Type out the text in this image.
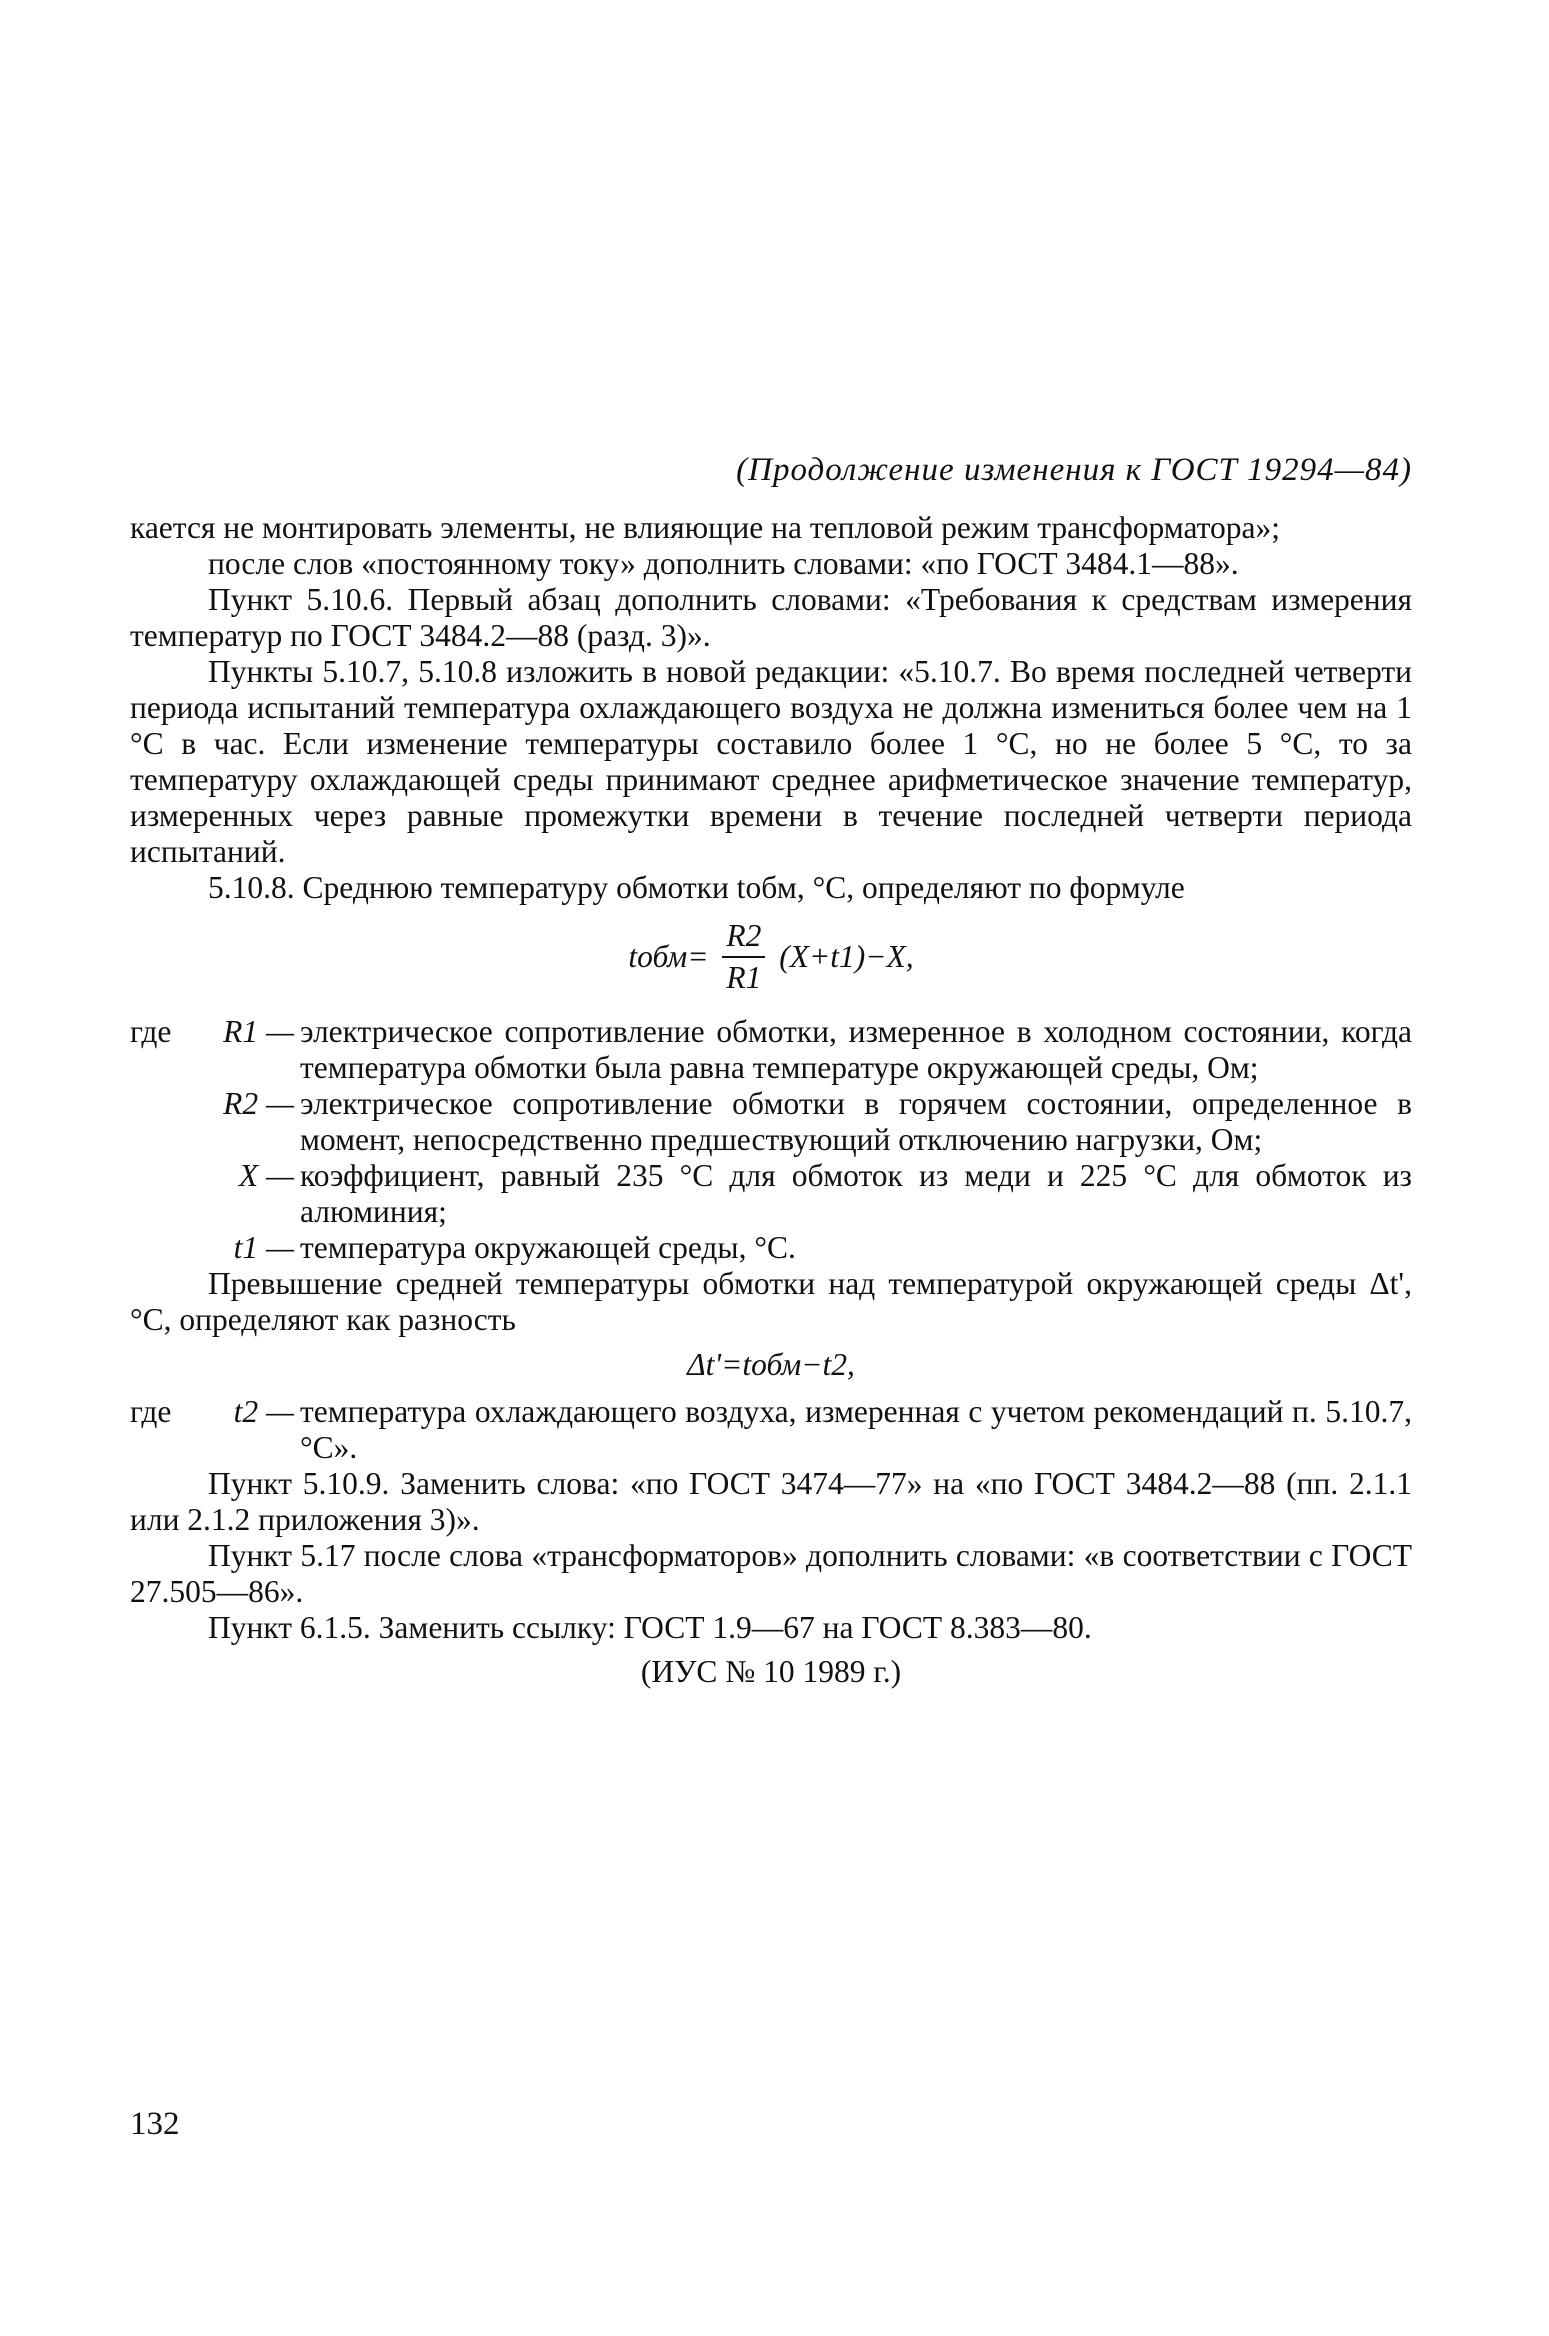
(Продолжение изменения к ГОСТ 19294—84)

кается не монтировать элементы, не влияющие на тепловой режим трансформатора»;

после слов «постоянному току» дополнить словами: «по ГОСТ 3484.1—88».

Пункт 5.10.6. Первый абзац дополнить словами: «Требования к средствам измерения температур по ГОСТ 3484.2—88 (разд. 3)».

Пункты 5.10.7, 5.10.8 изложить в новой редакции: «5.10.7. Во время последней четверти периода испытаний температура охлаждающего воздуха не должна измениться более чем на 1 °С в час. Если изменение температуры составило более 1 °С, но не более 5 °С, то за температуру охлаждающей среды принимают среднее арифметическое значение температур, измеренных через равные промежутки времени в течение последней четверти периода испытаний.

5.10.8. Среднюю температуру обмотки tобм, °С, определяют по формуле

tобм= $\frac{R2}{R1} (X+t1)-X$,
где R1 — электрическое сопротивление обмотки, измеренное в холодном состоянии, когда температура обмотки была равна температуре окружающей среды, Ом;
R2 — электрическое сопротивление обмотки в горячем состоянии, определенное в момент, непосредственно предшествующий отключению нагрузки, Ом;
X — коэффициент, равный 235 °С для обмоток из меди и 225 °С для обмоток из алюминия;
t1 — температура окружающей среды, °С.

Превышение средней температуры обмотки над температурой окружающей среды Δt', °С, определяют как разность

Δt'=tобм−t2,
где t2 — температура охлаждающего воздуха, измеренная с учетом рекомендаций п. 5.10.7, °С».

Пункт 5.10.9. Заменить слова: «по ГОСТ 3474—77» на «по ГОСТ 3484.2—88 (пп. 2.1.1 или 2.1.2 приложения 3)».

Пункт 5.17 после слова «трансформаторов» дополнить словами: «в соответствии с ГОСТ 27.505—86».

Пункт 6.1.5. Заменить ссылку: ГОСТ 1.9—67 на ГОСТ 8.383—80.

(ИУС № 10 1989 г.)

132
